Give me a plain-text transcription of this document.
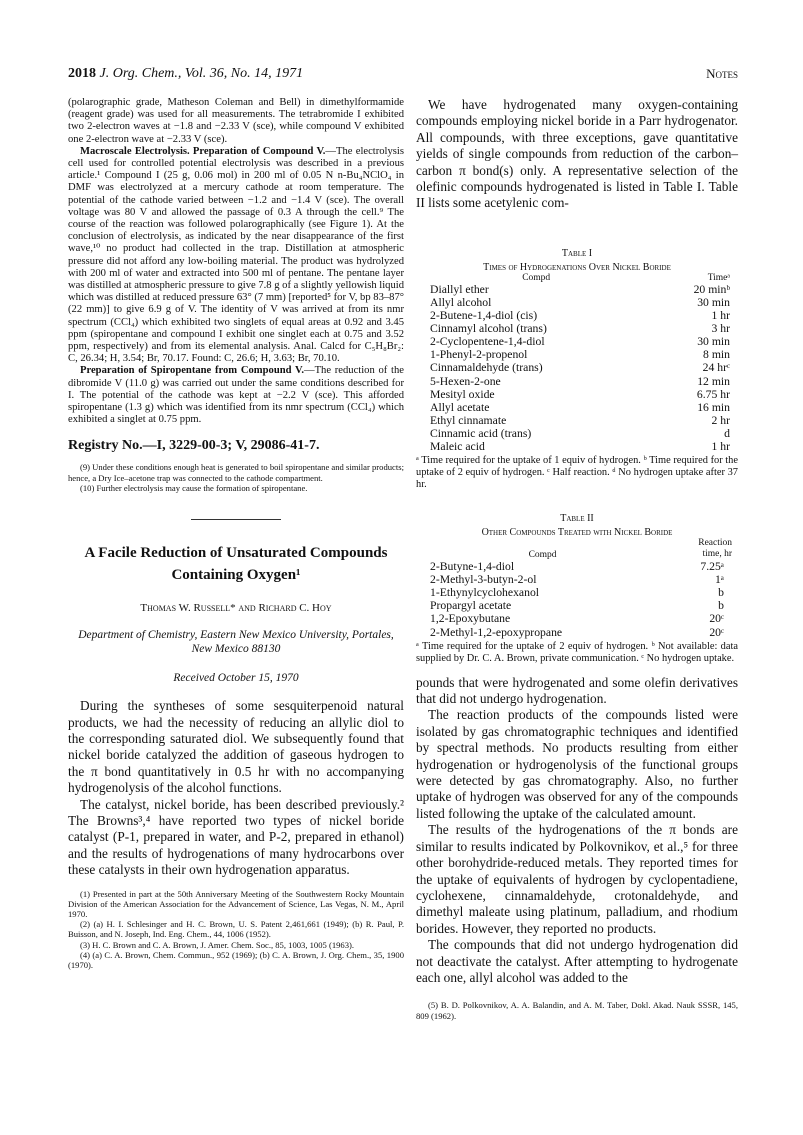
2018 J. Org. Chem., Vol. 36, No. 14, 1971	Notes

(polarographic grade, Matheson Coleman and Bell) in dimethylformamide (reagent grade) was used for all measurements. The tetrabromide I exhibited two 2-electron waves at −1.8 and −2.33 V (sce), while compound V exhibited one 2-electron wave at −2.33 V (sce).

Macroscale Electrolysis. Preparation of Compound V.—The electrolysis cell used for controlled potential electrolysis was described in a previous article.¹ Compound I (25 g, 0.06 mol) in 200 ml of 0.05 N n-Bu₄NClO₄ in DMF was electrolyzed at a mercury cathode at room temperature. The potential of the cathode varied between −1.2 and −1.4 V (sce). The overall voltage was 80 V and allowed the passage of 0.3 A through the cell.⁹ The course of the reaction was followed polarographically (see Figure 1). At the conclusion of electrolysis, as indicated by the near disappearance of the first wave,¹⁰ no product had collected in the trap. Distillation at atmospheric pressure did not afford any low-boiling material. The product was hydrolyzed with 200 ml of water and extracted into 500 ml of pentane. The pentane layer was distilled at atmospheric pressure to give 7.8 g of a slightly yellowish liquid which was distilled at reduced pressure 63° (7 mm) [reported⁵ for V, bp 83–87° (22 mm)] to give 6.9 g of V. The identity of V was arrived at from its nmr spectrum (CCl₄) which exhibited two singlets of equal areas at 0.92 and 3.45 ppm (spiropentane and compound I exhibit one singlet each at 0.75 and 3.52 ppm, respectively) and from its elemental analysis. Anal. Calcd for C₅H₈Br₂: C, 26.34; H, 3.54; Br, 70.17. Found: C, 26.6; H, 3.63; Br, 70.10.

Preparation of Spiropentane from Compound V.—The reduction of the dibromide V (11.0 g) was carried out under the same conditions described for I. The potential of the cathode was kept at −2.2 V (sce). This afforded spiropentane (1.3 g) which was identified from its nmr spectrum (CCl₄) which exhibited a singlet at 0.75 ppm.

Registry No.—I, 3229-00-3; V, 29086-41-7.

(9) Under these conditions enough heat is generated to boil spiropentane and similar products; hence, a Dry Ice–acetone trap was connected to the cathode compartment.

(10) Further electrolysis may cause the formation of spiropentane.

A Facile Reduction of Unsaturated Compounds Containing Oxygen¹
Thomas W. Russell* and Richard C. Hoy
Department of Chemistry, Eastern New Mexico University, Portales, New Mexico 88130
Received October 15, 1970

During the syntheses of some sesquiterpenoid natural products, we had the necessity of reducing an allylic diol to the corresponding saturated diol. We subsequently found that nickel boride catalyzed the addition of gaseous hydrogen to the π bond quantitatively in 0.5 hr with no accompanying hydrogenolysis of the alcohol functions.

The catalyst, nickel boride, has been described previously.² The Browns³,⁴ have reported two types of nickel boride catalyst (P-1, prepared in water, and P-2, prepared in ethanol) and the results of hydrogenations of many hydrocarbons over these catalysts in their own hydrogenation apparatus.

(1) Presented in part at the 50th Anniversary Meeting of the Southwestern Rocky Mountain Division of the American Association for the Advancement of Science, Las Vegas, N. M., April 1970.

(2) (a) H. I. Schlesinger and H. C. Brown, U. S. Patent 2,461,661 (1949); (b) R. Paul, P. Buisson, and N. Joseph, Ind. Eng. Chem., 44, 1006 (1952).

(3) H. C. Brown and C. A. Brown, J. Amer. Chem. Soc., 85, 1003, 1005 (1963).

(4) (a) C. A. Brown, Chem. Commun., 952 (1969); (b) C. A. Brown, J. Org. Chem., 35, 1900 (1970).

We have hydrogenated many oxygen-containing compounds employing nickel boride in a Parr hydrogenator. All compounds, with three exceptions, gave quantitative yields of single compounds from reduction of the carbon–carbon π bond(s) only. A representative selection of the olefinic compounds hydrogenated is listed in Table I. Table II lists some acetylenic com-

Table I
Times of Hydrogenations Over Nickel Boride
Compd	Timeᵃ
Diallyl ether	20 minᵇ
Allyl alcohol	30 min
2-Butene-1,4-diol (cis)	1 hr
Cinnamyl alcohol (trans)	3 hr
2-Cyclopentene-1,4-diol	30 min
1-Phenyl-2-propenol	8 min
Cinnamaldehyde (trans)	24 hrᶜ
5-Hexen-2-one	12 min
Mesityl oxide	6.75 hr
Allyl acetate	16 min
Ethyl cinnamate	2 hr
Cinnamic acid (trans)	d
Maleic acid	1 hr

ᵃ Time required for the uptake of 1 equiv of hydrogen. ᵇ Time required for the uptake of 2 equiv of hydrogen. ᶜ Half reaction. ᵈ No hydrogen uptake after 37 hr.

Table II
Other Compounds Treated with Nickel Boride
Compd	Reaction
time, hr
2-Butyne-1,4-diol	7.25ᵃ
2-Methyl-3-butyn-2-ol	1ᵃ
1-Ethynylcyclohexanol	b
Propargyl acetate	b
1,2-Epoxybutane	20ᶜ
2-Methyl-1,2-epoxypropane	20ᶜ

ᵃ Time required for the uptake of 2 equiv of hydrogen. ᵇ Not available: data supplied by Dr. C. A. Brown, private communication. ᶜ No hydrogen uptake.

pounds that were hydrogenated and some olefin derivatives that did not undergo hydrogenation.

The reaction products of the compounds listed were isolated by gas chromatographic techniques and identified by spectral methods. No products resulting from either hydrogenation or hydrogenolysis of the functional groups were detected by gas chromatography. Also, no further uptake of hydrogen was observed for any of the compounds listed following the uptake of the calculated amount.

The results of the hydrogenations of the π bonds are similar to results indicated by Polkovnikov, et al.,⁵ for three other borohydride-reduced metals. They reported times for the uptake of equivalents of hydrogen by cyclopentadiene, cyclohexene, cinnamaldehyde, crotonaldehyde, and dimethyl maleate using platinum, palladium, and rhodium borides. However, they reported no products.

The compounds that did not undergo hydrogenation did not deactivate the catalyst. After attempting to hydrogenate each one, allyl alcohol was added to the

(5) B. D. Polkovnikov, A. A. Balandin, and A. M. Taber, Dokl. Akad. Nauk SSSR, 145, 809 (1962).
